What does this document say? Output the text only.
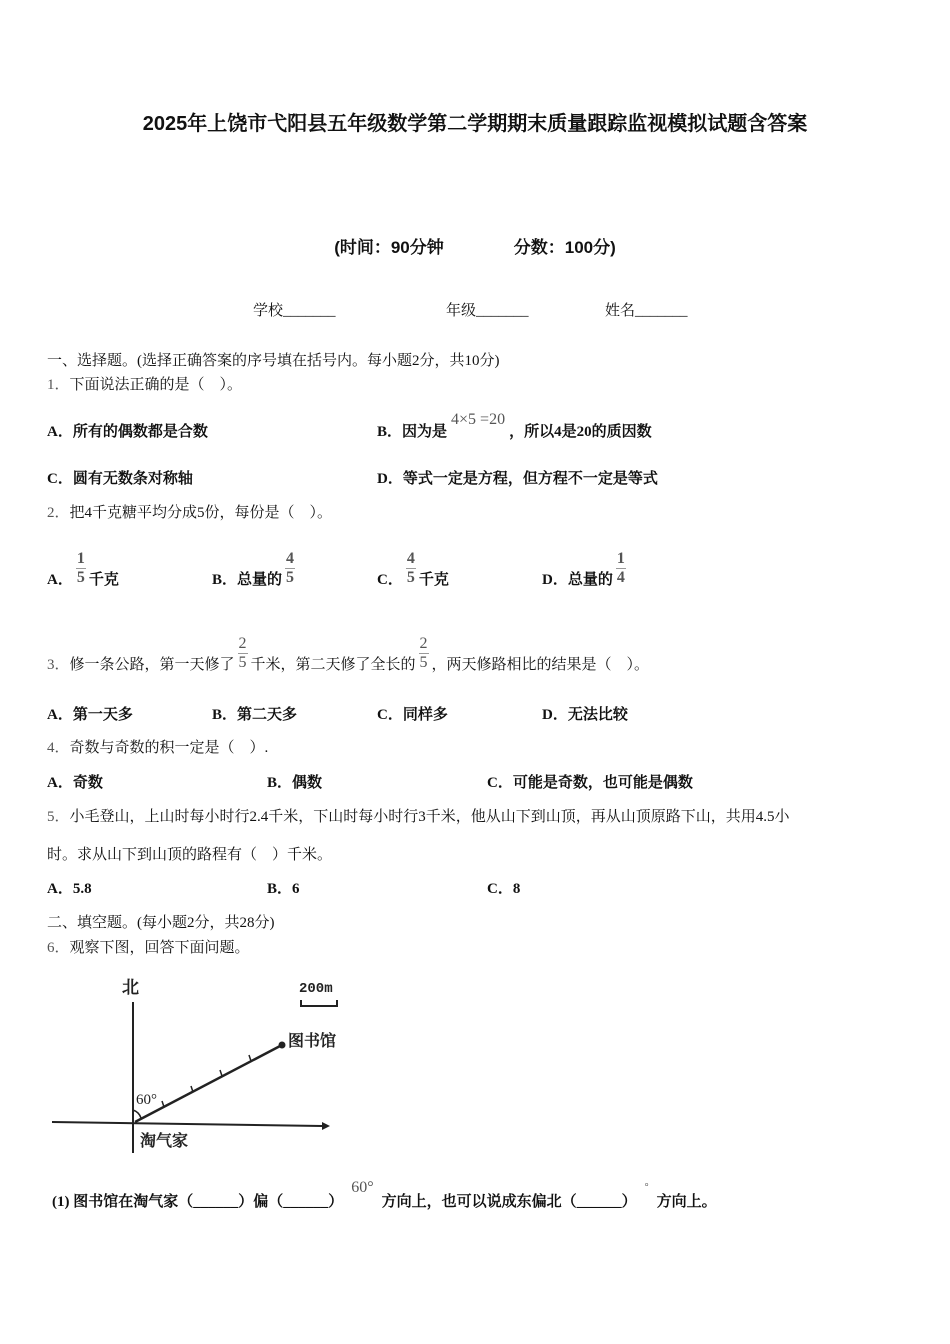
2025年上饶市弋阳县五年级数学第二学期期末质量跟踪监视模拟试题含答案
(时间：90分钟	分数：100分)
学校_______	年级_______	姓名_______
一、选择题。(选择正确答案的序号填在括号内。每小题2分，共10分)
1．下面说法正确的是（　）。
A．所有的偶数都是合数	B．因为是4×5 =20，所以4是20的质因数
C．圆有无数条对称轴	D．等式一定是方程，但方程不一定是等式
2．把4千克糖平均分成5份，每份是（　）。
A． $\frac{1}{5}$ 千克	B．总量的 $\frac{4}{5}$	C． $\frac{4}{5}$ 千克	D．总量的 $\frac{1}{4}$
3．修一条公路，第一天修了 $\frac{2}{5}$ 千米，第二天修了全长的 $\frac{2}{5}$ ，两天修路相比的结果是（　）。
A．第一天多	B．第二天多	C．同样多	D．无法比较
4．奇数与奇数的积一定是（　）.
A．奇数	B．偶数	C．可能是奇数，也可能是偶数
5．小毛登山，上山时每小时行2.4千米，下山时每小时行3千米，他从山下到山顶，再从山顶原路下山，共用4.5小
时。求从山下到山顶的路程有（　）千米。
A．5.8	B．6	C．8
二、填空题。(每小题2分，共28分)
6．观察下图，回答下面问题。
北	200m
图书馆
淘气家
60°
(1) 图书馆在淘气家（______）偏（______）60°方向上，也可以说成东偏北（______）°方向上。
